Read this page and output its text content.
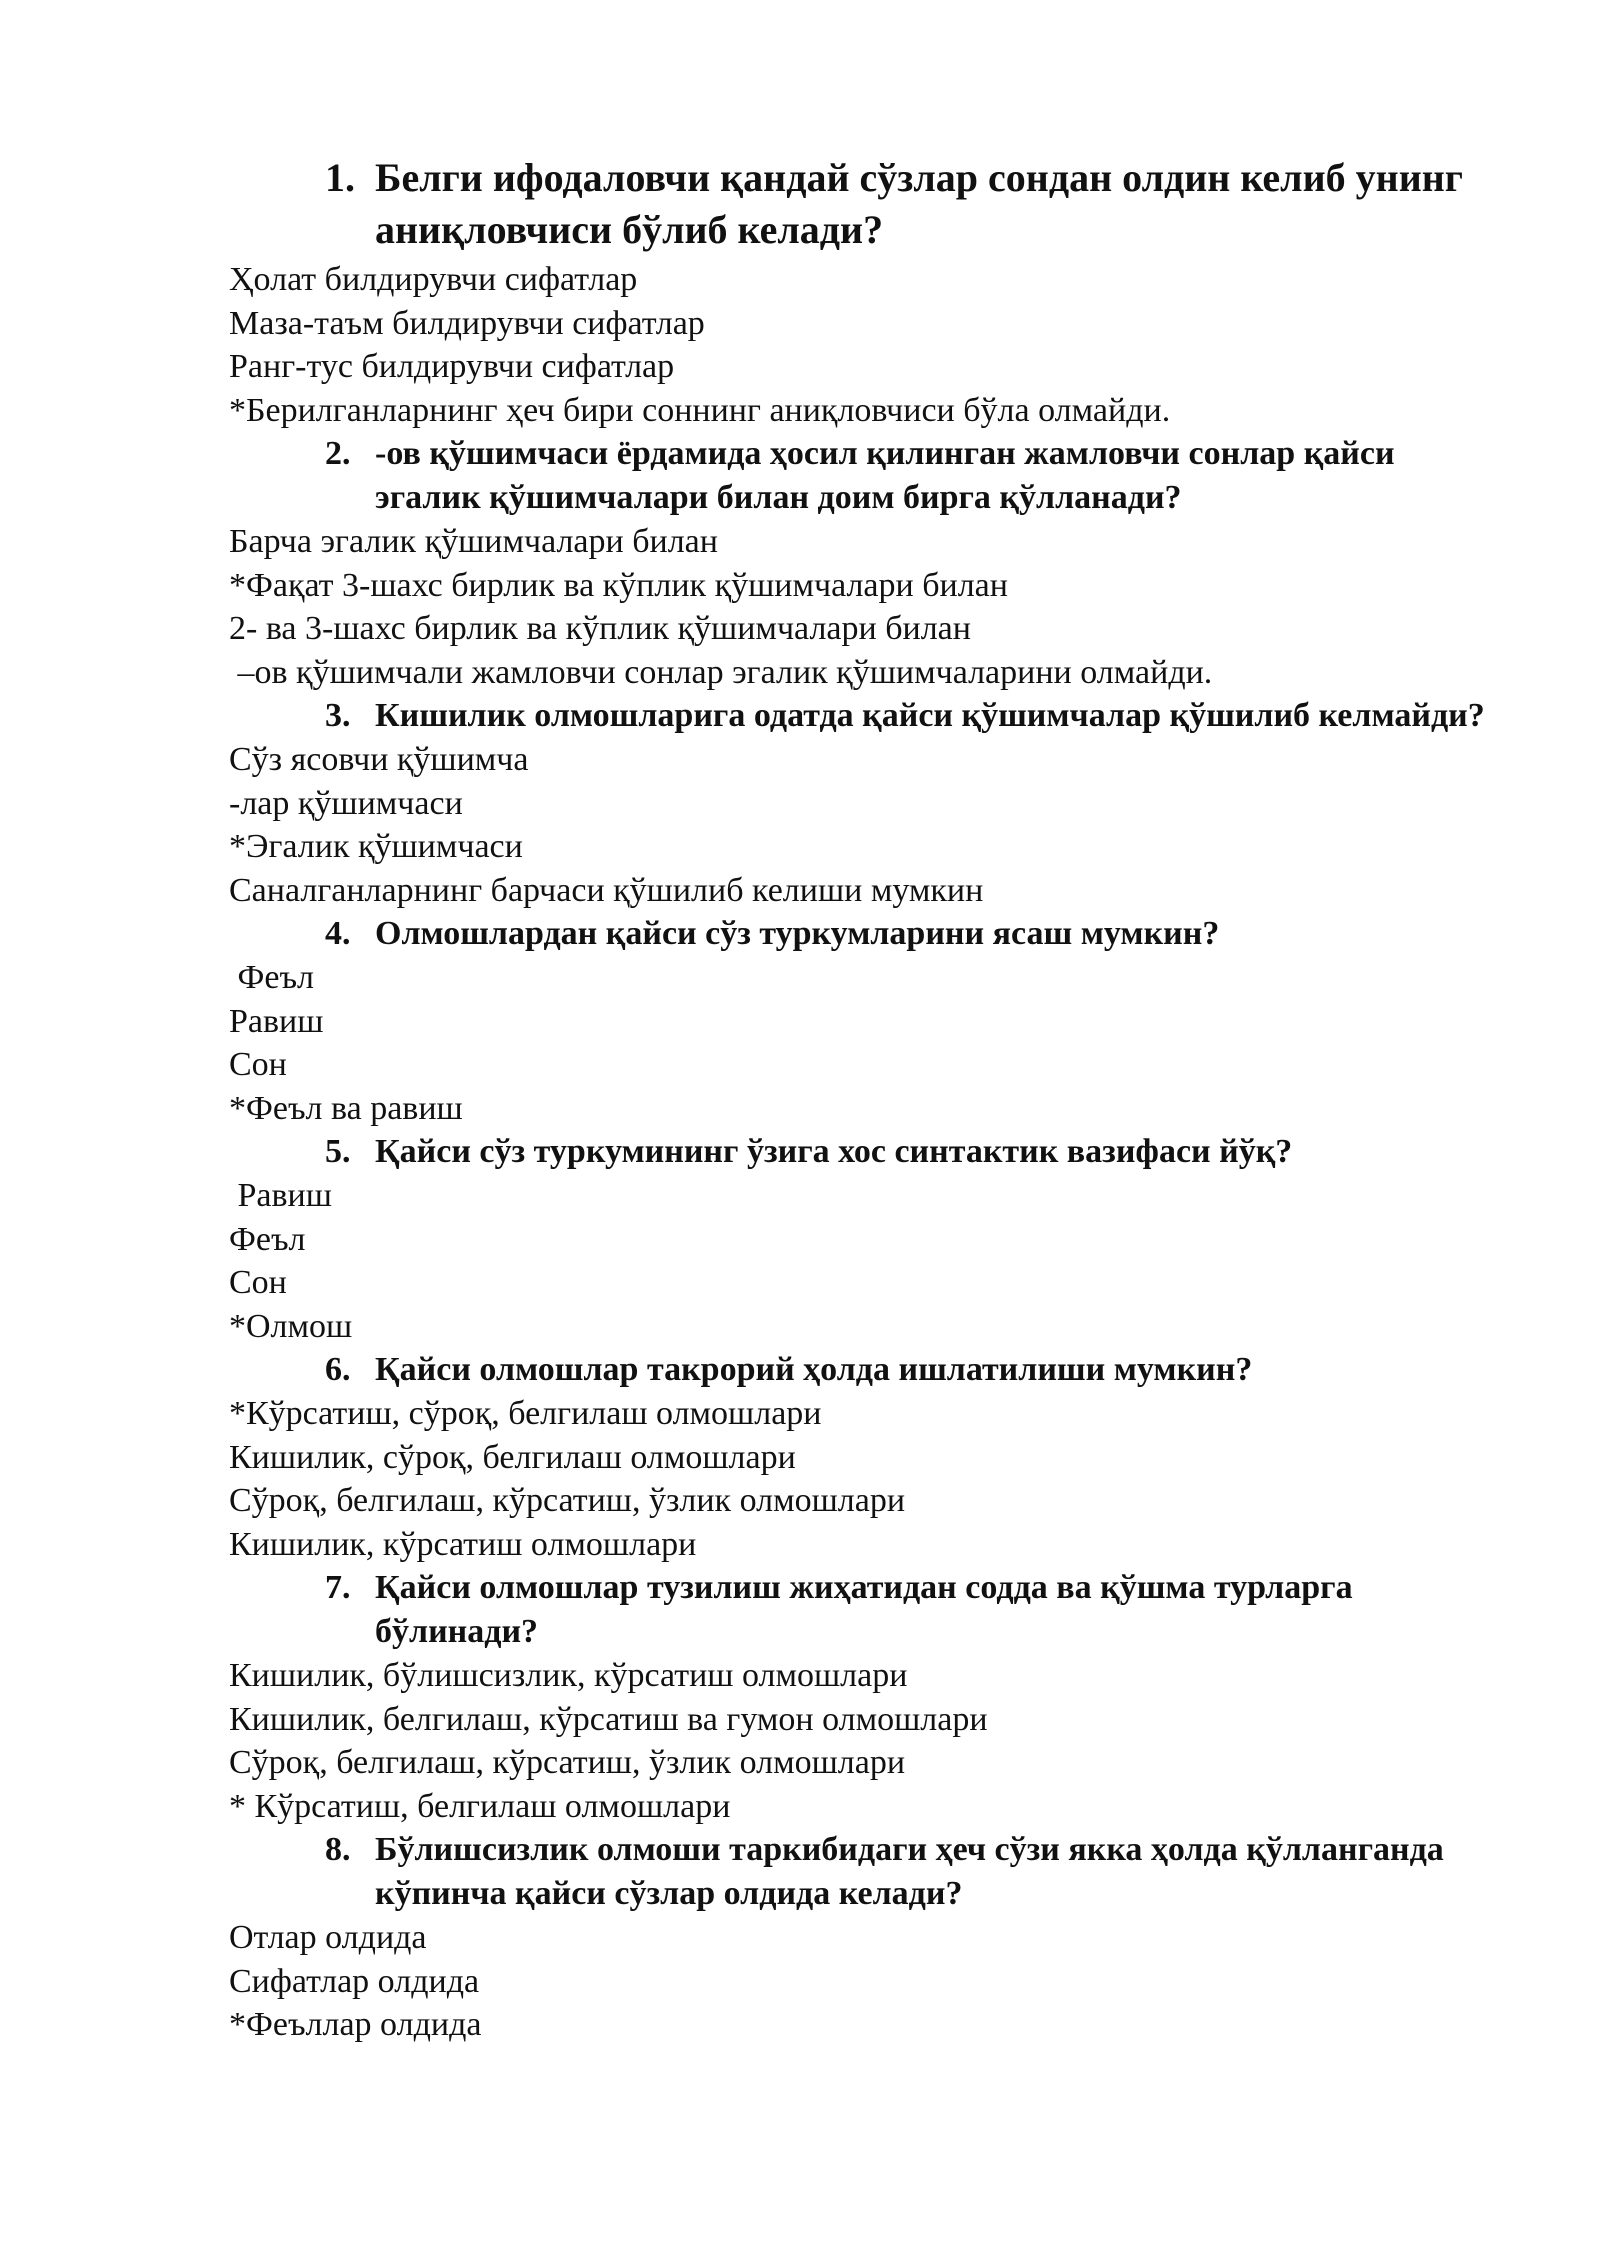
1. Белги ифодаловчи қандай сўзлар сондан олдин келиб унинг аниқловчиси бўлиб келади?
Ҳолат билдирувчи сифатлар
Маза-таъм билдирувчи сифатлар
Ранг-тус билдирувчи сифатлар
*Берилганларнинг ҳеч бири соннинг аниқловчиси бўла олмайди.
2. -ов қўшимчаси ёрдамида ҳосил қилинган жамловчи сонлар қайси эгалик қўшимчалари билан доим бирга қўлланади?
Барча эгалик қўшимчалари билан
*Фақат 3-шахс бирлик ва кўплик қўшимчалари билан
2- ва 3-шахс бирлик ва кўплик қўшимчалари билан
–ов қўшимчали жамловчи сонлар эгалик қўшимчаларини олмайди.
3. Кишилик олмошларига одатда қайси қўшимчалар қўшилиб келмайди?
Сўз ясовчи қўшимча
-лар қўшимчаси
*Эгалик қўшимчаси
Саналганларнинг барчаси қўшилиб келиши мумкин
4. Олмошлардан қайси сўз туркумларини ясаш мумкин?
Феъл
Равиш
Сон
*Феъл ва равиш
5. Қайси сўз туркумининг ўзига хос синтактик вазифаси йўқ?
Равиш
Феъл
Сон
*Олмош
6. Қайси олмошлар такрорий ҳолда ишлатилиши мумкин?
*Кўрсатиш, сўроқ, белгилаш олмошлари
Кишилик, сўроқ, белгилаш олмошлари
Сўроқ, белгилаш, кўрсатиш, ўзлик олмошлари
Кишилик, кўрсатиш олмошлари
7. Қайси олмошлар тузилиш жиҳатидан содда ва қўшма турларга бўлинади?
Кишилик, бўлишсизлик, кўрсатиш олмошлари
Кишилик, белгилаш, кўрсатиш ва гумон олмошлари
Сўроқ, белгилаш, кўрсатиш, ўзлик олмошлари
* Кўрсатиш, белгилаш олмошлари
8. Бўлишсизлик олмоши таркибидаги ҳеч сўзи якка ҳолда қўлланганда кўпинча қайси сўзлар олдида келади?
Отлар олдида
Сифатлар олдида
*Феъллар олдида
